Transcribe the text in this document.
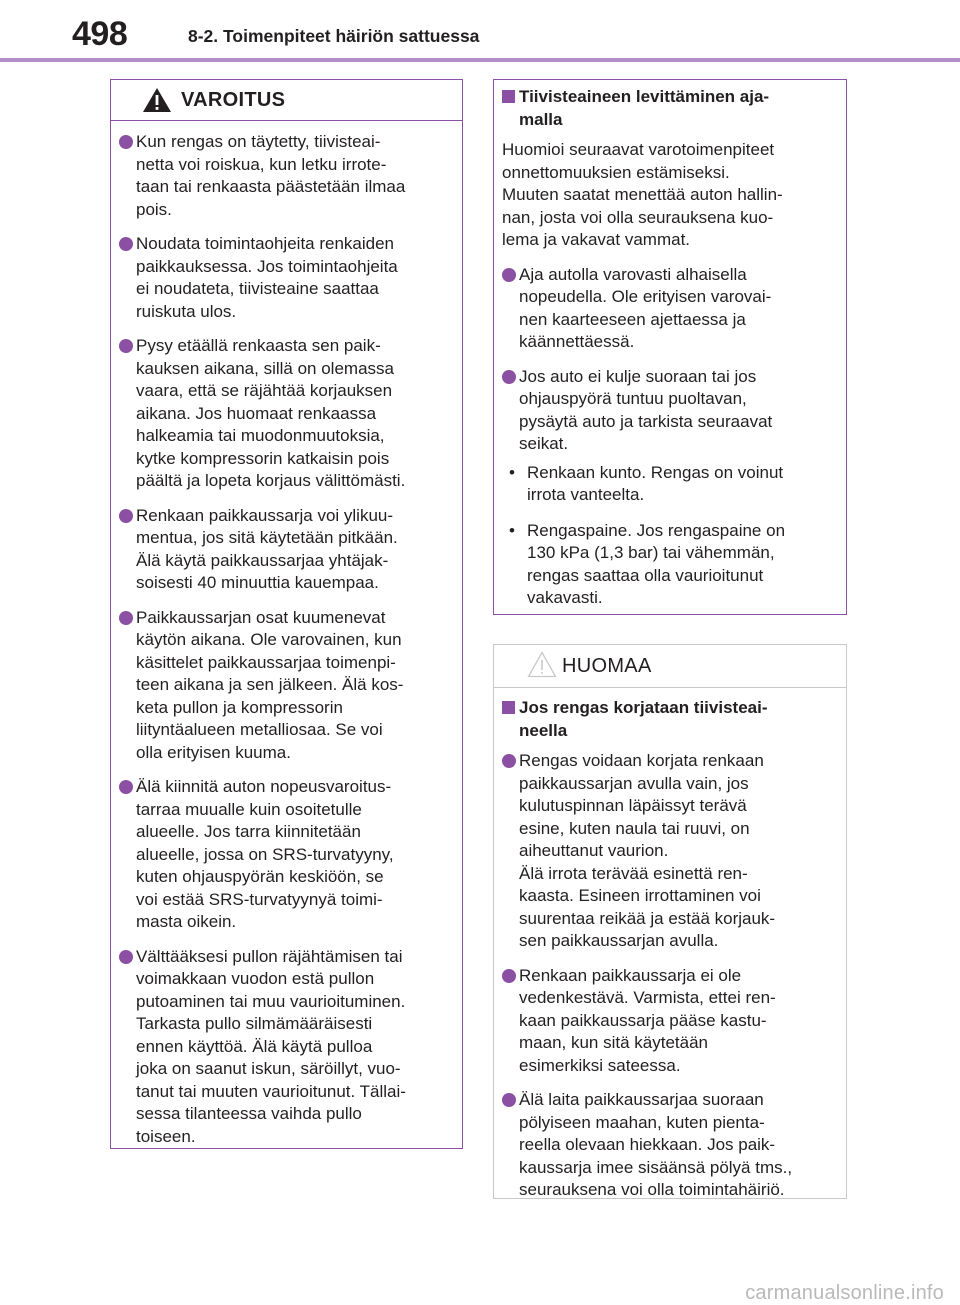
498	8-2. Toimenpiteet häiriön sattuessa
VAROITUS
Kun rengas on täytetty, tiivisteai-
netta voi roiskua, kun letku irrote-
taan tai renkaasta päästetään ilmaa
pois.
Noudata toimintaohjeita renkaiden
paikkauksessa. Jos toimintaohjeita
ei noudateta, tiivisteaine saattaa
ruiskuta ulos.
Pysy etäällä renkaasta sen paik-
kauksen aikana, sillä on olemassa
vaara, että se räjähtää korjauksen
aikana. Jos huomaat renkaassa
halkeamia tai muodonmuutoksia,
kytke kompressorin katkaisin pois
päältä ja lopeta korjaus välittömästi.
Renkaan paikkaussarja voi ylikuu-
mentua, jos sitä käytetään pitkään.
Älä käytä paikkaussarjaa yhtäjak-
soisesti 40 minuuttia kauempaa.
Paikkaussarjan osat kuumenevat
käytön aikana. Ole varovainen, kun
käsittelet paikkaussarjaa toimenpi-
teen aikana ja sen jälkeen. Älä kos-
keta pullon ja kompressorin
liityntäalueen metalliosaa. Se voi
olla erityisen kuuma.
Älä kiinnitä auton nopeusvaroitus-
tarraa muualle kuin osoitetulle
alueelle. Jos tarra kiinnitetään
alueelle, jossa on SRS-turvatyyny,
kuten ohjauspyörän keskiöön, se
voi estää SRS-turvatyynyä toimi-
masta oikein.
Välttääksesi pullon räjähtämisen tai
voimakkaan vuodon estä pullon
putoaminen tai muu vaurioituminen.
Tarkasta pullo silmämääräisesti
ennen käyttöä. Älä käytä pulloa
joka on saanut iskun, säröillyt, vuo-
tanut tai muuten vaurioitunut. Tällai-
sessa tilanteessa vaihda pullo
toiseen.
Tiivisteaineen levittäminen aja-
malla
Huomioi seuraavat varotoimenpiteet
onnettomuuksien estämiseksi.
Muuten saatat menettää auton hallin-
nan, josta voi olla seurauksena kuo-
lema ja vakavat vammat.
Aja autolla varovasti alhaisella
nopeudella. Ole erityisen varovai-
nen kaarteeseen ajettaessa ja
käännettäessä.
Jos auto ei kulje suoraan tai jos
ohjauspyörä tuntuu puoltavan,
pysäytä auto ja tarkista seuraavat
seikat.
• Renkaan kunto. Rengas on voinut
irrota vanteelta.
• Rengaspaine. Jos rengaspaine on
130 kPa (1,3 bar) tai vähemmän,
rengas saattaa olla vaurioitunut
vakavasti.
HUOMAA
Jos rengas korjataan tiivisteai-
neella
Rengas voidaan korjata renkaan
paikkaussarjan avulla vain, jos
kulutuspinnan läpäissyt terävä
esine, kuten naula tai ruuvi, on
aiheuttanut vaurion.
Älä irrota terävää esinettä ren-
kaasta. Esineen irrottaminen voi
suurentaa reikää ja estää korjauk-
sen paikkaussarjan avulla.
Renkaan paikkaussarja ei ole
vedenkestävä. Varmista, ettei ren-
kaan paikkaussarja pääse kastu-
maan, kun sitä käytetään
esimerkiksi sateessa.
Älä laita paikkaussarjaa suoraan
pölyiseen maahan, kuten pienta-
reella olevaan hiekkaan. Jos paik-
kaussarja imee sisäänsä pölyä tms.,
seurauksena voi olla toimintahäiriö.
carmanualsonline.info
